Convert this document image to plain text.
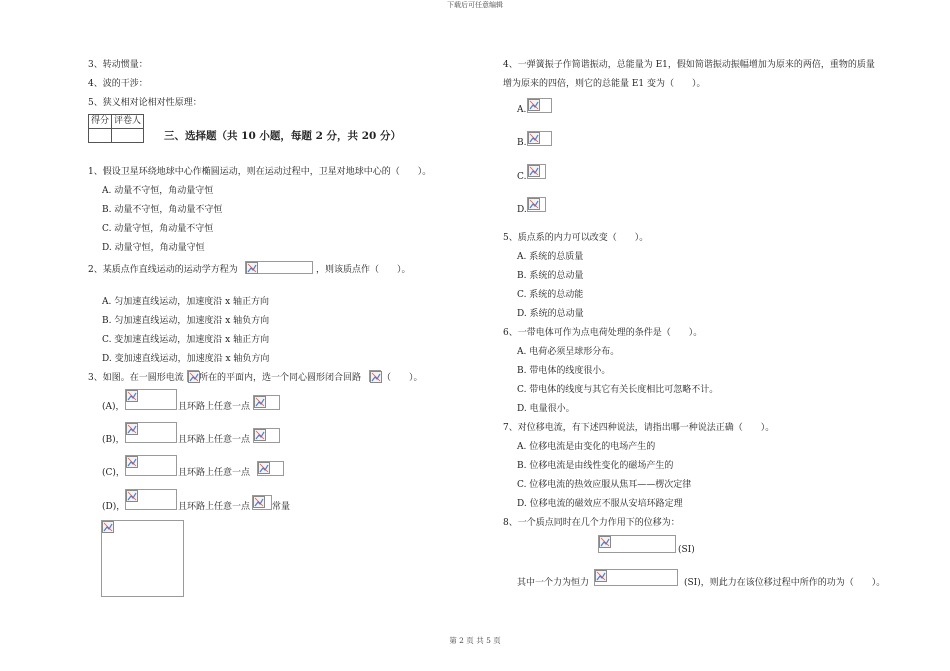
下载后可任意编辑
第 2 页 共 5 页
3、转动惯量：
4、波的干涉：
5、狭义相对论相对性原理：
得分	评卷人

三、选择题（共 10 小题，每题 2 分，共 20 分）
1、假设卫星环绕地球中心作椭圆运动，则在运动过程中，卫星对地球中心的（　　）。
A. 动量不守恒，角动量守恒
B. 动量不守恒，角动量不守恒
C. 动量守恒，角动量不守恒
D. 动量守恒，角动量守恒
2、某质点作直线运动的运动学方程为	，则该质点作（　　）。
A. 匀加速直线运动，加速度沿 x 轴正方向
B. 匀加速直线运动，加速度沿 x 轴负方向
C. 变加速直线运动，加速度沿 x 轴正方向
D. 变加速直线运动，加速度沿 x 轴负方向
3、如图。在一圆形电流 所在的平面内，选一个同心圆形闭合回路 （　　）。
(A)，	且环路上任意一点
(B)，	且环路上任意一点
(C)，	且环路上任意一点
(D)，	且环路上任意一点 常量
4、一弹簧振子作简谐振动，总能量为 E1，假如简谐振动振幅增加为原来的两倍，重物的质量
增为原来的四倍，则它的总能量 E1 变为（　　）。
A.
B.
C.
D.
5、质点系的内力可以改变（　　）。
A. 系统的总质量
B. 系统的总动量
C. 系统的总动能
D. 系统的总动量
6、一带电体可作为点电荷处理的条件是（　　）。
A. 电荷必须呈球形分布。
B. 带电体的线度很小。
C. 带电体的线度与其它有关长度相比可忽略不计。
D. 电量很小。
7、对位移电流，有下述四种说法，请指出哪一种说法正确（　　）。
A. 位移电流是由变化的电场产生的
B. 位移电流是由线性变化的磁场产生的
C. 位移电流的热效应服从焦耳——楞次定律
D. 位移电流的磁效应不服从安培环路定理
8、一个质点同时在几个力作用下的位移为：
(SI)
其中一个力为恒力	(SI)，则此力在该位移过程中所作的功为（　　）。
